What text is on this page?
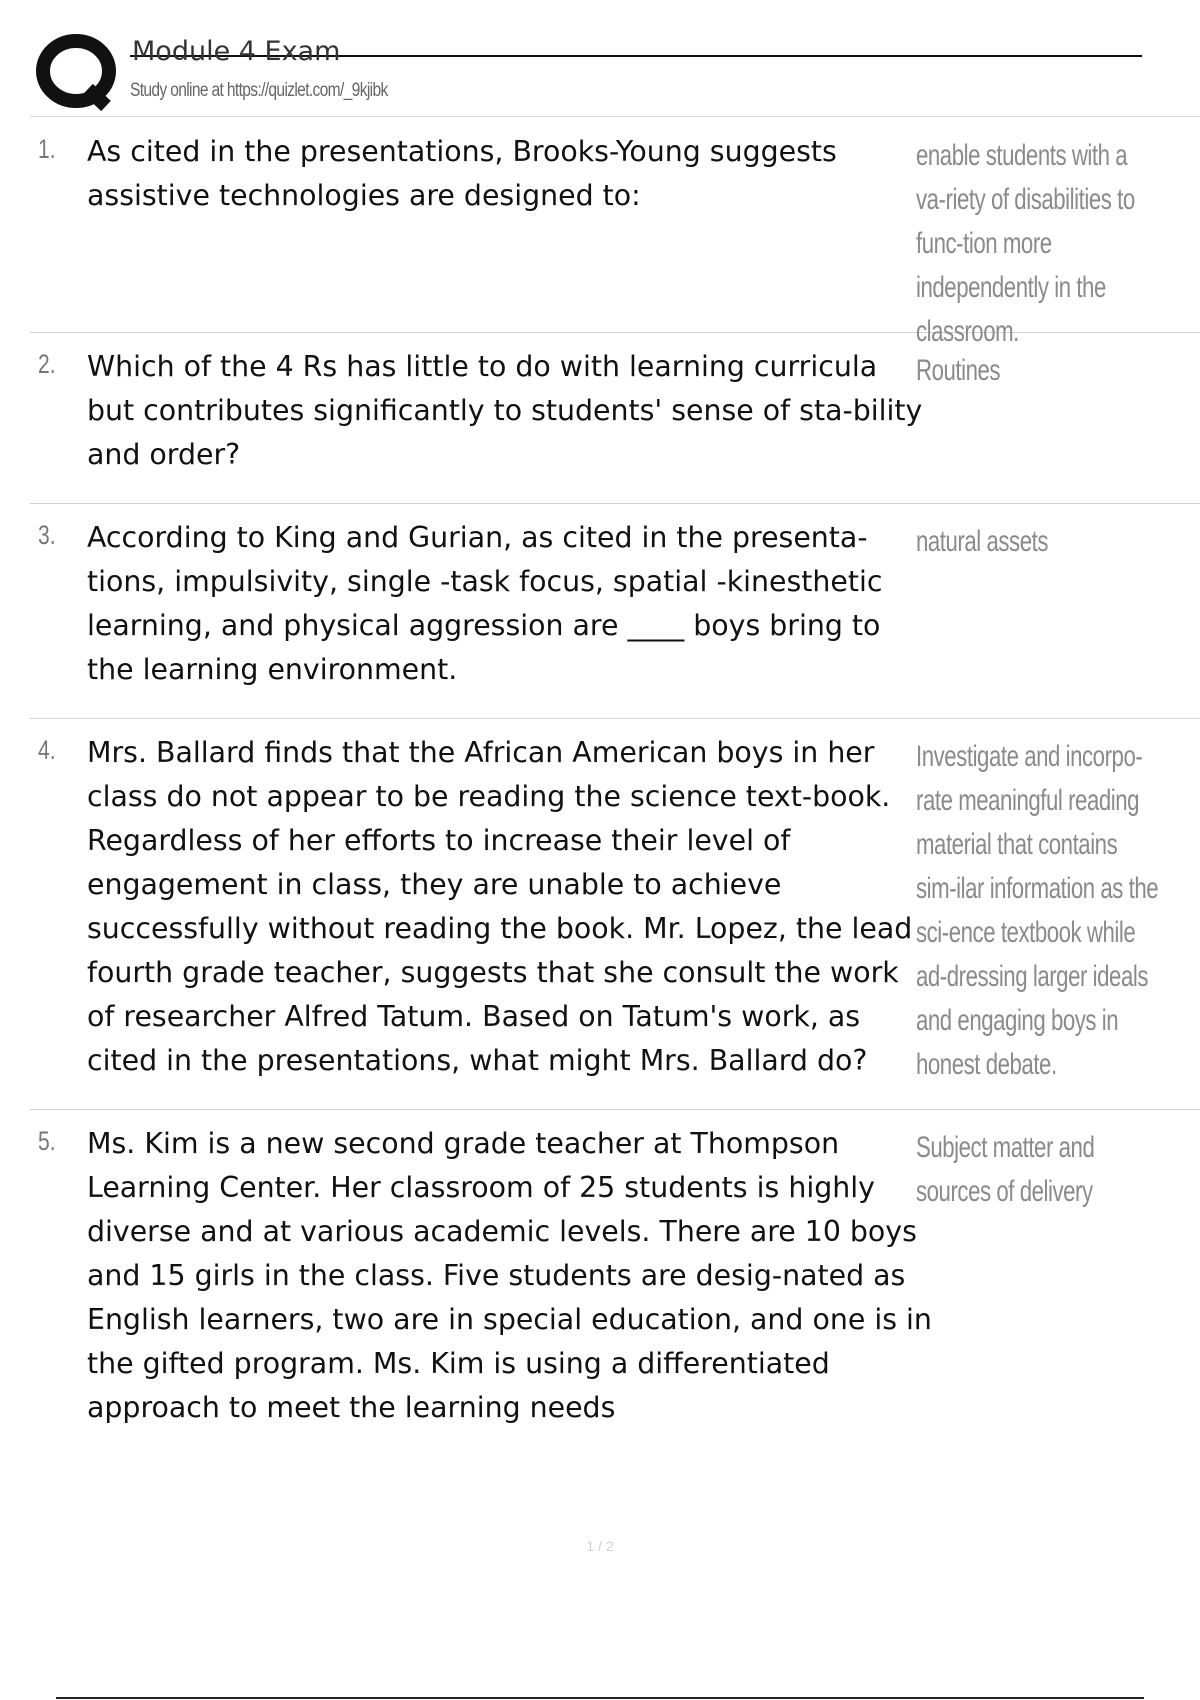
Module 4 Exam
Study online at https://quizlet.com/_9kjibk
1. As cited in the presentations, Brooks-Young suggests assistive technologies are designed to:
enable students with a va-riety of disabilities to func-tion more independently in the classroom.
2. Which of the 4 Rs has little to do with learning curricula but contributes significantly to students' sense of sta-bility and order?
Routines
3. According to King and Gurian, as cited in the presenta-tions, impulsivity, single -task focus, spatial -kinesthetic learning, and physical aggression are ____ boys bring to the learning environment.
natural assets
4. Mrs. Ballard finds that the African American boys in her class do not appear to be reading the science text-book. Regardless of her efforts to increase their level of engagement in class, they are unable to achieve successfully without reading the book. Mr. Lopez, the lead fourth grade teacher, suggests that she consult the work of researcher Alfred Tatum. Based on Tatum's work, as cited in the presentations, what might Mrs. Ballard do?
Investigate and incorpo-rate meaningful reading material that contains sim-ilar information as the sci-ence textbook while ad-dressing larger ideals and engaging boys in honest debate.
5. Ms. Kim is a new second grade teacher at Thompson Learning Center. Her classroom of 25 students is highly diverse and at various academic levels. There are 10 boys and 15 girls in the class. Five students are desig-nated as English learners, two are in special education, and one is in the gifted program. Ms. Kim is using a differentiated approach to meet the learning needs
Subject matter and sources of delivery
1 / 2
